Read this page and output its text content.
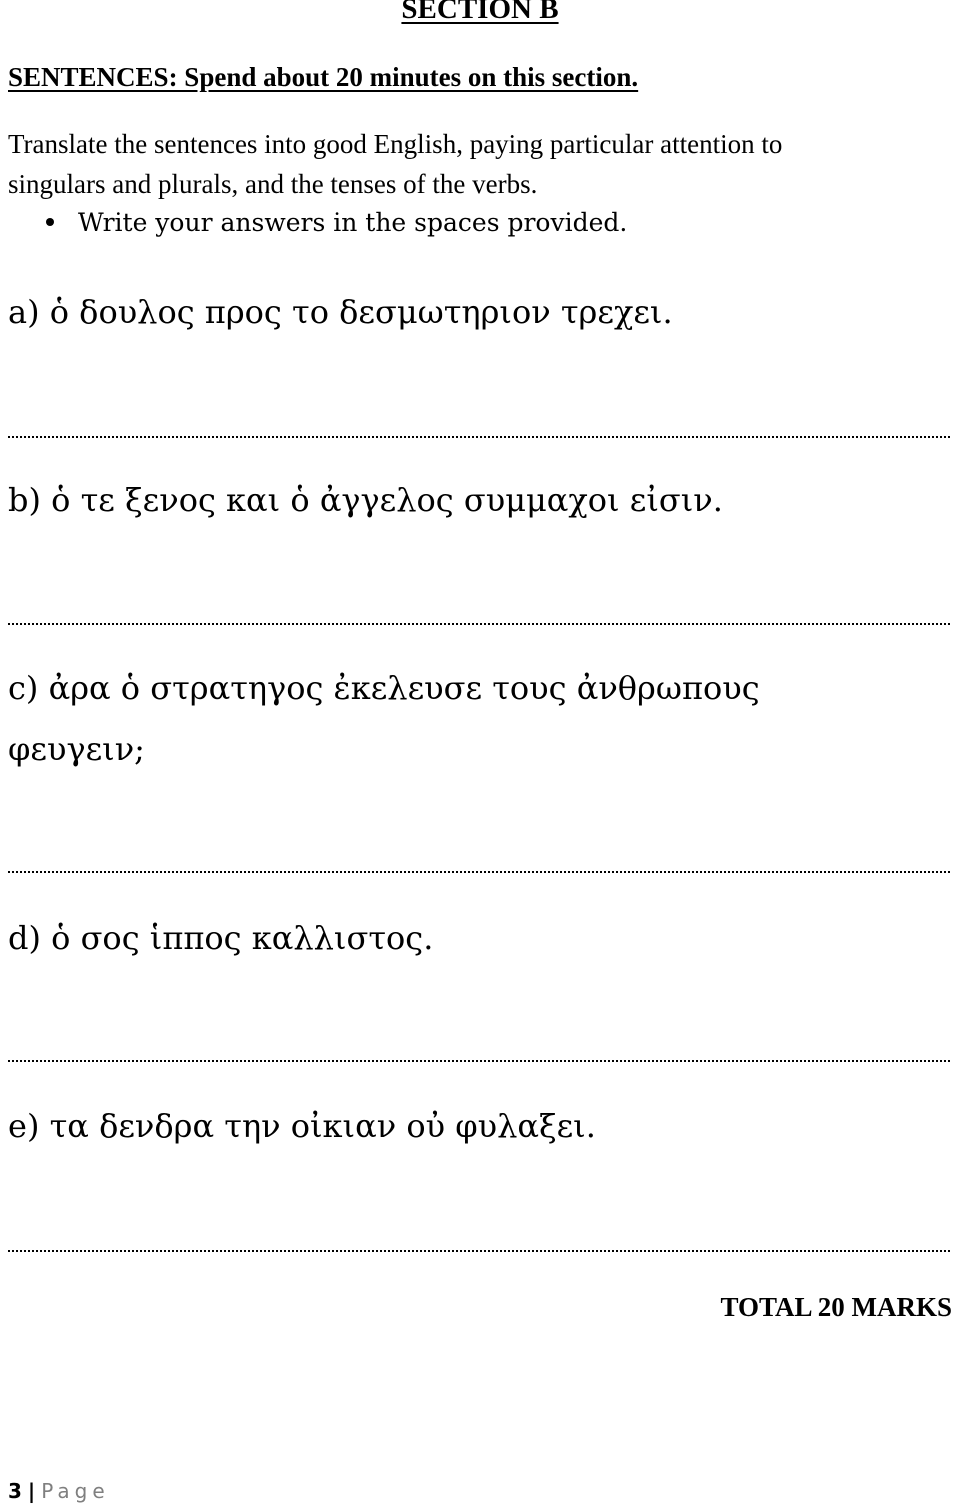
SECTION B
SENTENCES: Spend about 20 minutes on this section.
Translate the sentences into good English, paying particular attention to
singulars and plurals, and the tenses of the verbs.
Write your answers in the spaces provided.
a) ὁ δουλος προς το δεσμωτηριον τρεχει.
b) ὁ τε ξενος και ὁ ἀγγελος συμμαχοι εἰσιν.
c) ἀρα ὁ στρατηγος ἐκελευσε τους ἀνθρωπους
φευγειν;
d) ὁ σος ἱππος καλλιστος.
e) τα δενδρα την οἰκιαν οὐ φυλαξει.
TOTAL 20 MARKS
3 | Page
